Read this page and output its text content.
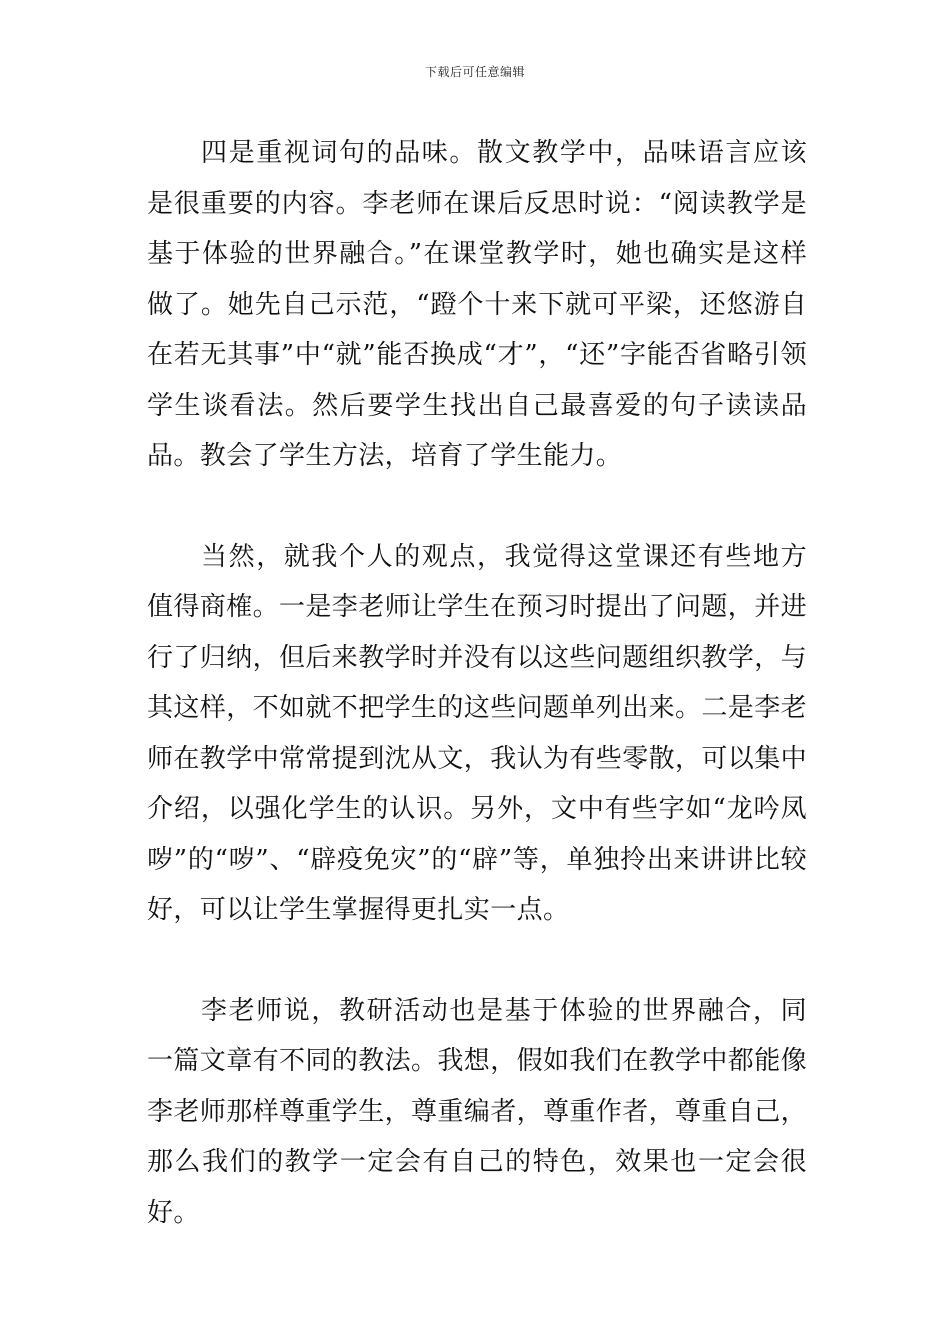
下载后可任意编辑

四是重视词句的品味。散文教学中，品味语言应该是很重要的内容。李老师在课后反思时说：“阅读教学是基于体验的世界融合。”在课堂教学时，她也确实是这样做了。她先自己示范，“蹬个十来下就可平梁，还悠游自在若无其事”中“就”能否换成“才”，“还”字能否省略引领学生谈看法。然后要学生找出自己最喜爱的句子读读品品。教会了学生方法，培育了学生能力。

当然，就我个人的观点，我觉得这堂课还有些地方值得商榷。一是李老师让学生在预习时提出了问题，并进行了归纳，但后来教学时并没有以这些问题组织教学，与其这样，不如就不把学生的这些问题单列出来。二是李老师在教学中常常提到沈从文，我认为有些零散，可以集中介绍，以强化学生的认识。另外，文中有些字如“龙吟凤哕”的“哕”、“辟疫免灾”的“辟”等，单独拎出来讲讲比较好，可以让学生掌握得更扎实一点。

李老师说，教研活动也是基于体验的世界融合，同一篇文章有不同的教法。我想，假如我们在教学中都能像李老师那样尊重学生，尊重编者，尊重作者，尊重自己，那么我们的教学一定会有自己的特色，效果也一定会很好。
